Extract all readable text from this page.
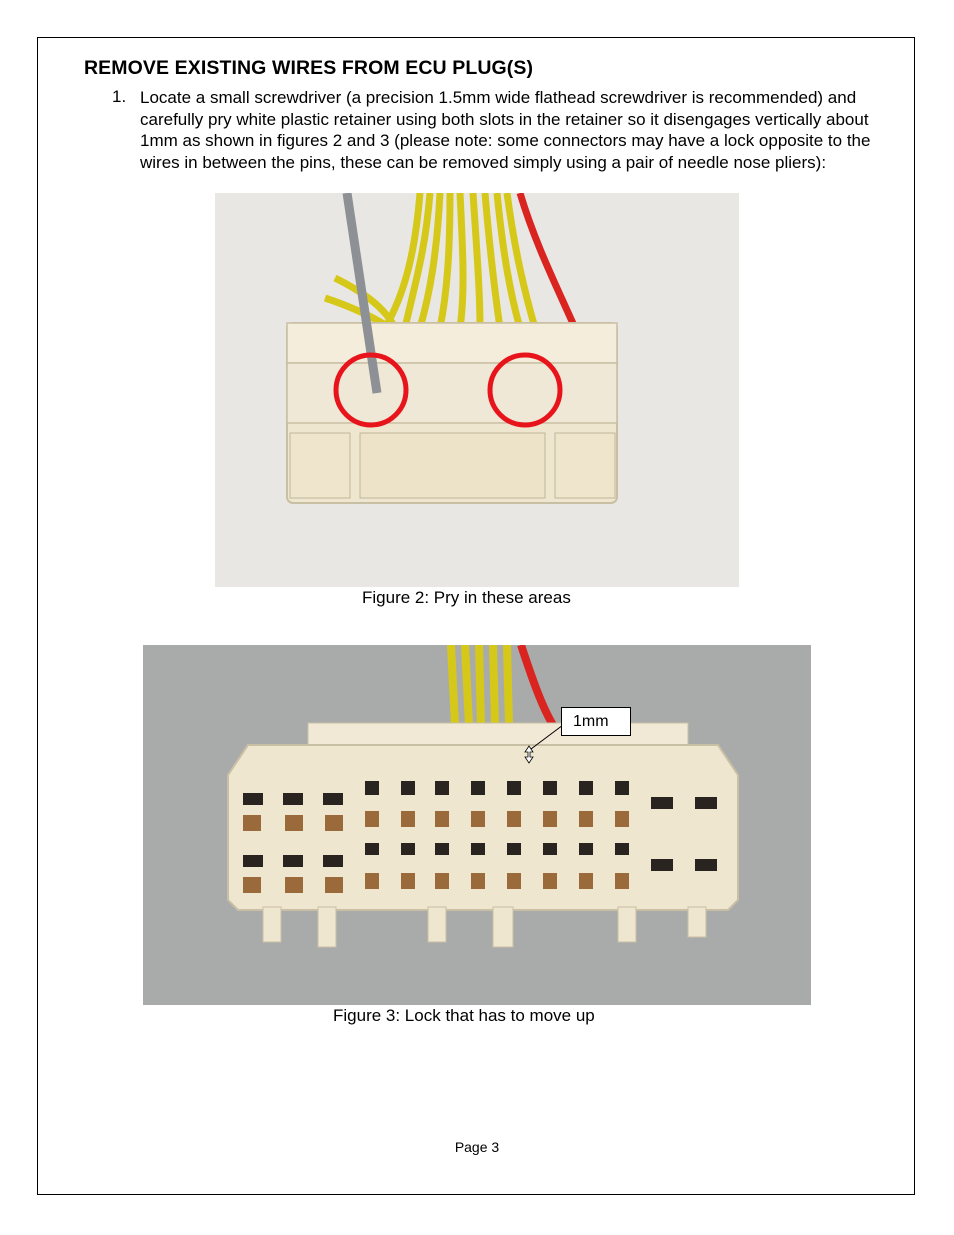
REMOVE EXISTING WIRES FROM ECU PLUG(S)
1. Locate a small screwdriver (a precision 1.5mm wide flathead screwdriver is recommended) and carefully pry white plastic retainer using both slots in the retainer so it disengages vertically about 1mm as shown in figures 2 and 3 (please note: some connectors may have a lock opposite to the wires in between the pins, these can be removed simply using a pair of needle nose pliers):
Figure 2: Pry in these areas
1mm
Figure 3: Lock that has to move up
Page 3
